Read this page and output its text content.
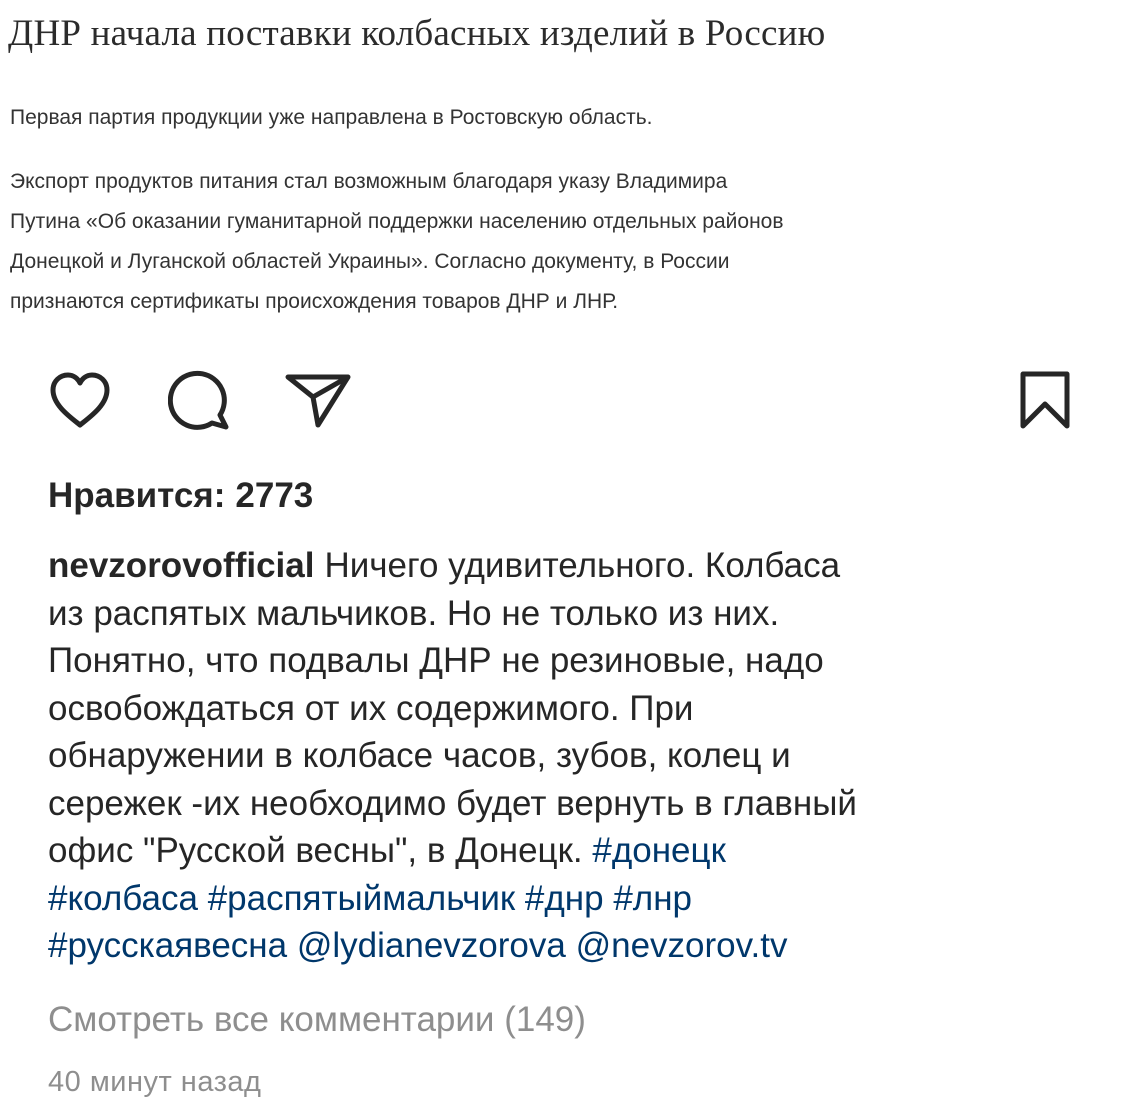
ДНР начала поставки колбасных изделий в Россию
Первая партия продукции уже направлена в Ростовскую область.
Экспорт продуктов питания стал возможным благодаря указу Владимира
Путина «Об оказании гуманитарной поддержки населению отдельных районов
Донецкой и Луганской областей Украины». Согласно документу, в России
признаются сертификаты происхождения товаров ДНР и ЛНР.
Нравится: 2773
nevzorovofficial Ничего удивительного. Колбаса
из распятых мальчиков. Но не только из них.
Понятно, что подвалы ДНР не резиновые, надо
освобождаться от их содержимого. При
обнаружении в колбасе часов, зубов, колец и
сережек -их необходимо будет вернуть в главный
офис "Русской весны", в Донецк. #донецк
#колбаса #распятыймальчик #днр #лнр
#русскаявесна @lydianevzorova @nevzorov.tv
Смотреть все комментарии (149)
40 минут назад
